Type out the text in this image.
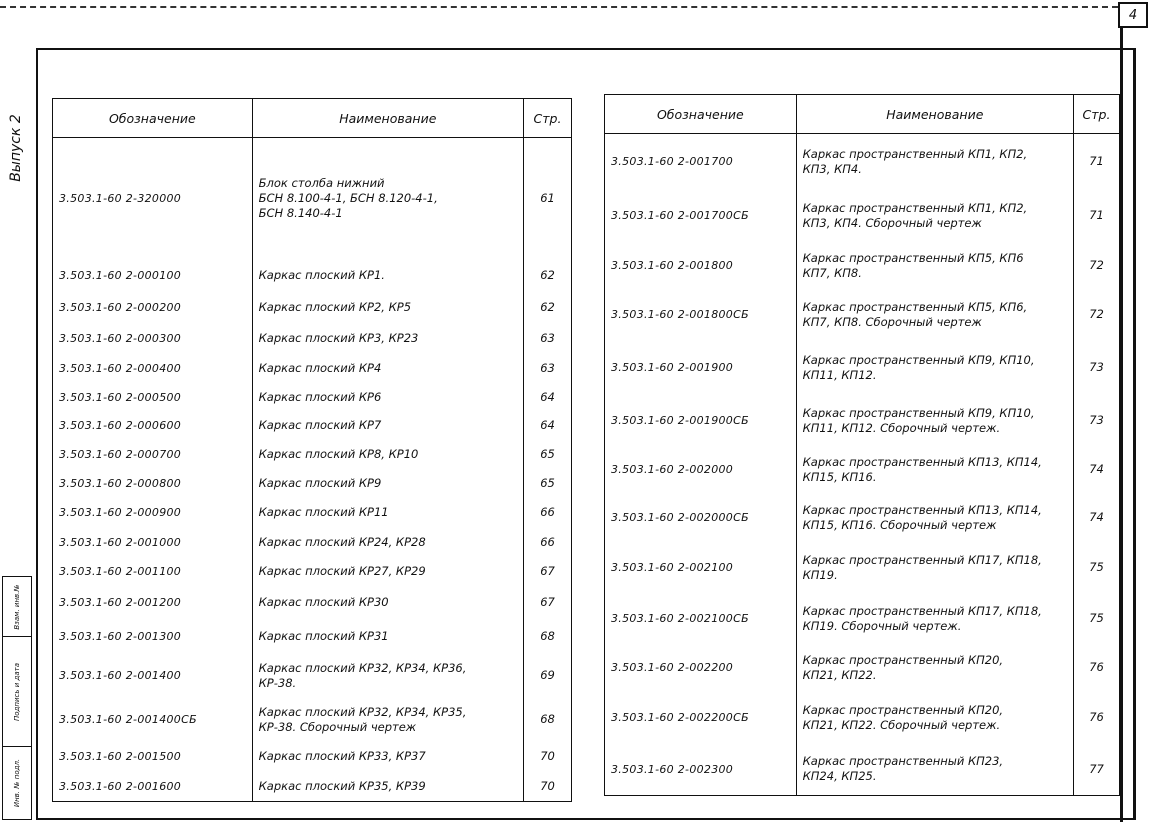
4
Выпуск 2
Взам. инв.№
Подпись и дата
Инв. № подл.
Обозначение	Наименование	Стр.
3.503.1-60 2-320000	Блок столба нижний
БСН 8.100-4-1, БСН 8.120-4-1,
БСН 8.140-4-1	61
3.503.1-60 2-000100	Каркас плоский КР1.	62
3.503.1-60 2-000200	Каркас плоский КР2, КР5	62
3.503.1-60 2-000300	Каркас плоский КР3, КР23	63
3.503.1-60 2-000400	Каркас плоский КР4	63
3.503.1-60 2-000500	Каркас плоский КР6	64
3.503.1-60 2-000600	Каркас плоский КР7	64
3.503.1-60 2-000700	Каркас плоский КР8, КР10	65
3.503.1-60 2-000800	Каркас плоский КР9	65
3.503.1-60 2-000900	Каркас плоский КР11	66
3.503.1-60 2-001000	Каркас плоский КР24, КР28	66
3.503.1-60 2-001100	Каркас плоский КР27, КР29	67
3.503.1-60 2-001200	Каркас плоский КР30	67
3.503.1-60 2-001300	Каркас плоский КР31	68
3.503.1-60 2-001400	Каркас плоский КР32, КР34, КР36,
КР-38.	69
3.503.1-60 2-001400СБ	Каркас плоский КР32, КР34, КР35,
КР-38. Сборочный чертеж	68
3.503.1-60 2-001500	Каркас плоский КР33, КР37	70
3.503.1-60 2-001600	Каркас плоский КР35, КР39	70
Обозначение	Наименование	Стр.
3.503.1-60 2-001700	Каркас пространственный КП1, КП2,
КП3, КП4.	71
3.503.1-60 2-001700СБ	Каркас пространственный КП1, КП2,
КП3, КП4. Сборочный чертеж	71
3.503.1-60 2-001800	Каркас пространственный КП5, КП6
КП7, КП8.	72
3.503.1-60 2-001800СБ	Каркас пространственный КП5, КП6,
КП7, КП8. Сборочный чертеж	72
3.503.1-60 2-001900	Каркас пространственный КП9, КП10,
КП11, КП12.	73
3.503.1-60 2-001900СБ	Каркас пространственный КП9, КП10,
КП11, КП12. Сборочный чертеж.	73
3.503.1-60 2-002000	Каркас пространственный КП13, КП14,
КП15, КП16.	74
3.503.1-60 2-002000СБ	Каркас пространственный КП13, КП14,
КП15, КП16. Сборочный чертеж	74
3.503.1-60 2-002100	Каркас пространственный КП17, КП18,
КП19.	75
3.503.1-60 2-002100СБ	Каркас пространственный КП17, КП18,
КП19. Сборочный чертеж.	75
3.503.1-60 2-002200	Каркас пространственный КП20,
КП21, КП22.	76
3.503.1-60 2-002200СБ	Каркас пространственный КП20,
КП21, КП22. Сборочный чертеж.	76
3.503.1-60 2-002300	Каркас пространственный КП23,
КП24, КП25.	77
